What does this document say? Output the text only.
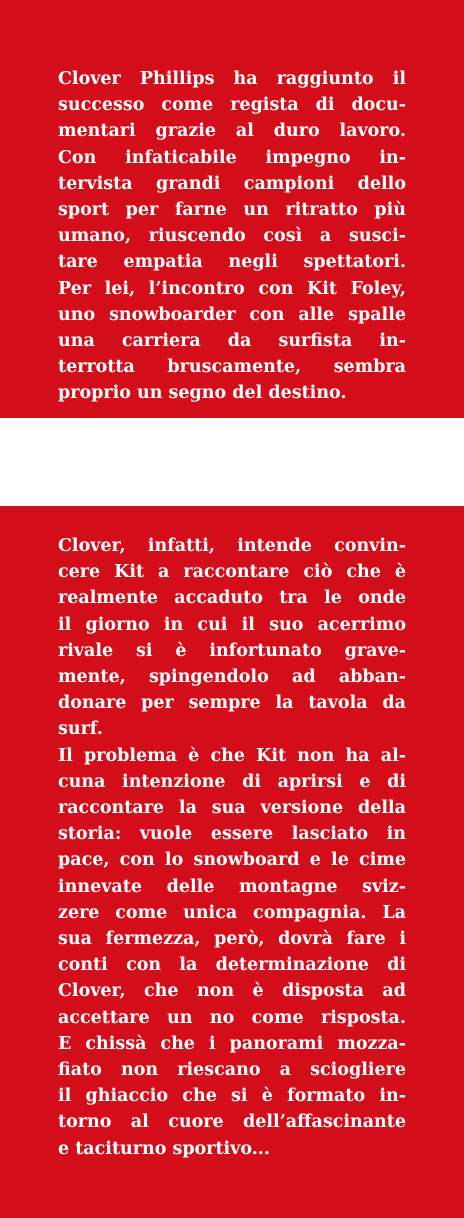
Clover Phillips ha raggiunto il
successo come regista di docu-
mentari grazie al duro lavoro.
Con infaticabile impegno in-
tervista grandi campioni dello
sport per farne un ritratto più
umano, riuscendo così a susci-
tare empatia negli spettatori.
Per lei, l’incontro con Kit Foley,
uno snowboarder con alle spalle
una carriera da surfista in-
terrotta bruscamente, sembra
proprio un segno del destino.
Clover, infatti, intende convin-
cere Kit a raccontare ciò che è
realmente accaduto tra le onde
il giorno in cui il suo acerrimo
rivale si è infortunato grave-
mente, spingendolo ad abban-
donare per sempre la tavola da
surf.
Il problema è che Kit non ha al-
cuna intenzione di aprirsi e di
raccontare la sua versione della
storia: vuole essere lasciato in
pace, con lo snowboard e le cime
innevate delle montagne sviz-
zere come unica compagnia. La
sua fermezza, però, dovrà fare i
conti con la determinazione di
Clover, che non è disposta ad
accettare un no come risposta.
E chissà che i panorami mozza-
fiato non riescano a sciogliere
il ghiaccio che si è formato in-
torno al cuore dell’affascinante
e taciturno sportivo...
